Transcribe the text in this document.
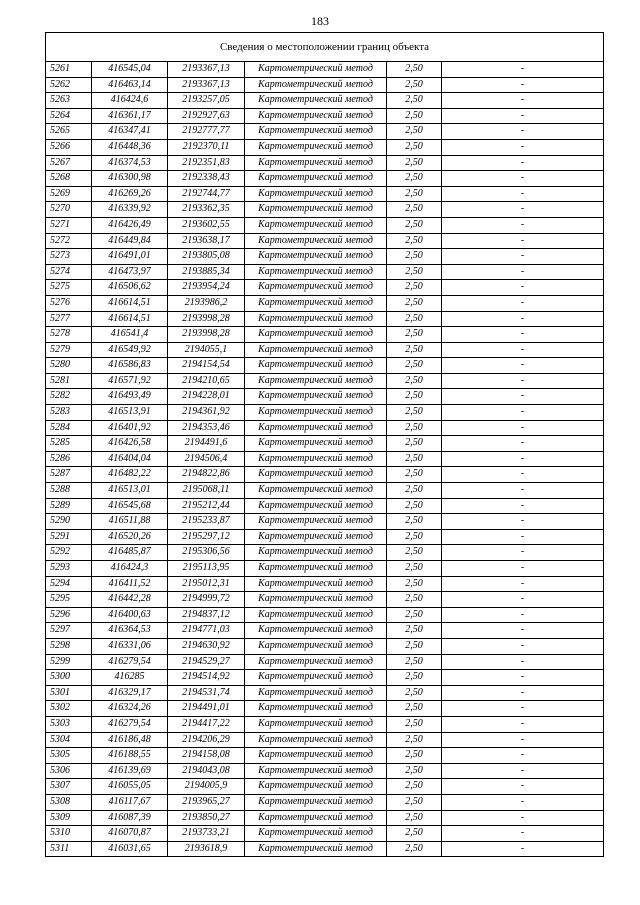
183
Сведения о местоположении границ объекта					
5261	416545,04	2193367,13	Картометрический метод	2,50	-
5262	416463,14	2193367,13	Картометрический метод	2,50	-
5263	416424,6	2193257,05	Картометрический метод	2,50	-
5264	416361,17	2192927,63	Картометрический метод	2,50	-
5265	416347,41	2192777,77	Картометрический метод	2,50	-
5266	416448,36	2192370,11	Картометрический метод	2,50	-
5267	416374,53	2192351,83	Картометрический метод	2,50	-
5268	416300,98	2192338,43	Картометрический метод	2,50	-
5269	416269,26	2192744,77	Картометрический метод	2,50	-
5270	416339,92	2193362,35	Картометрический метод	2,50	-
5271	416426,49	2193602,55	Картометрический метод	2,50	-
5272	416449,84	2193638,17	Картометрический метод	2,50	-
5273	416491,01	2193805,08	Картометрический метод	2,50	-
5274	416473,97	2193885,34	Картометрический метод	2,50	-
5275	416506,62	2193954,24	Картометрический метод	2,50	-
5276	416614,51	2193986,2	Картометрический метод	2,50	-
5277	416614,51	2193998,28	Картометрический метод	2,50	-
5278	416541,4	2193998,28	Картометрический метод	2,50	-
5279	416549,92	2194055,1	Картометрический метод	2,50	-
5280	416586,83	2194154,54	Картометрический метод	2,50	-
5281	416571,92	2194210,65	Картометрический метод	2,50	-
5282	416493,49	2194228,01	Картометрический метод	2,50	-
5283	416513,91	2194361,92	Картометрический метод	2,50	-
5284	416401,92	2194353,46	Картометрический метод	2,50	-
5285	416426,58	2194491,6	Картометрический метод	2,50	-
5286	416404,04	2194506,4	Картометрический метод	2,50	-
5287	416482,22	2194822,86	Картометрический метод	2,50	-
5288	416513,01	2195068,11	Картометрический метод	2,50	-
5289	416545,68	2195212,44	Картометрический метод	2,50	-
5290	416511,88	2195233,87	Картометрический метод	2,50	-
5291	416520,26	2195297,12	Картометрический метод	2,50	-
5292	416485,87	2195306,56	Картометрический метод	2,50	-
5293	416424,3	2195113,95	Картометрический метод	2,50	-
5294	416411,52	2195012,31	Картометрический метод	2,50	-
5295	416442,28	2194999,72	Картометрический метод	2,50	-
5296	416400,63	2194837,12	Картометрический метод	2,50	-
5297	416364,53	2194771,03	Картометрический метод	2,50	-
5298	416331,06	2194630,92	Картометрический метод	2,50	-
5299	416279,54	2194529,27	Картометрический метод	2,50	-
5300	416285	2194514,92	Картометрический метод	2,50	-
5301	416329,17	2194531,74	Картометрический метод	2,50	-
5302	416324,26	2194491,01	Картометрический метод	2,50	-
5303	416279,54	2194417,22	Картометрический метод	2,50	-
5304	416186,48	2194206,29	Картометрический метод	2,50	-
5305	416188,55	2194158,08	Картометрический метод	2,50	-
5306	416139,69	2194043,08	Картометрический метод	2,50	-
5307	416055,05	2194005,9	Картометрический метод	2,50	-
5308	416117,67	2193965,27	Картометрический метод	2,50	-
5309	416087,39	2193850,27	Картометрический метод	2,50	-
5310	416070,87	2193733,21	Картометрический метод	2,50	-
5311	416031,65	2193618,9	Картометрический метод	2,50	-
